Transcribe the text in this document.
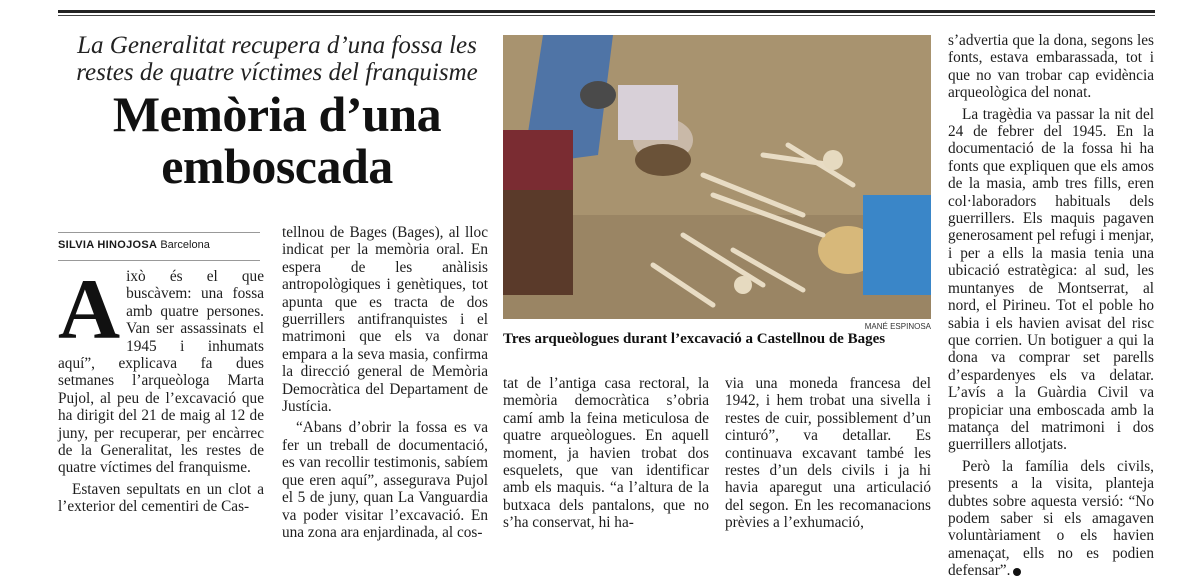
La Generalitat recupera d’una fossa les restes de quatre víctimes del franquisme
Memòria d’una emboscada
SILVIA HINOJOSA Barcelona

Això és el que buscàvem: una fossa amb quatre persones. Van ser assassinats el 1945 i inhumats aquí”, explicava fa dues setmanes l’arqueòloga Marta Pujol, al peu de l’excavació que ha dirigit del 21 de maig al 12 de juny, per recuperar, per encàrrec de la Generalitat, les restes de quatre víctimes del franquisme.

Estaven sepultats en un clot a l’exterior del cementiri de Cas-

tellnou de Bages (Bages), al lloc indicat per la memòria oral. En espera de les anàlisis antropològiques i genètiques, tot apunta que es tracta de dos guerrillers antifranquistes i el matrimoni que els va donar empara a la seva masia, confirma la direcció general de Memòria Democràtica del Departament de Justícia.

“Abans d’obrir la fossa es va fer un treball de documentació, es van recollir testimonis, sabíem que eren aquí”, assegurava Pujol el 5 de juny, quan La Vanguardia va poder visitar l’excavació. En una zona ara enjardinada, al cos-

MANÉ ESPINOSA
Tres arqueòlogues durant l’excavació a Castellnou de Bages

tat de l’antiga casa rectoral, la memòria democràtica s’obria camí amb la feina meticulosa de quatre arqueòlogues. En aquell moment, ja havien trobat dos esquelets, que van identificar amb els maquis. “a l’altura de la butxaca dels pantalons, que no s’ha conservat, hi ha-

via una moneda francesa del 1942, i hem trobat una sivella i restes de cuir, possiblement d’un cinturó”, va detallar. Es continuava excavant també les restes d’un dels civils i ja hi havia aparegut una articulació del segon. En les recomanacions prèvies a l’exhumació,

s’advertia que la dona, segons les fonts, estava embarassada, tot i que no van trobar cap evidència arqueològica del nonat.

La tragèdia va passar la nit del 24 de febrer del 1945. En la documentació de la fossa hi ha fonts que expliquen que els amos de la masia, amb tres fills, eren col·laboradors habituals dels guerrillers. Els maquis pagaven generosament pel refugi i menjar, i per a ells la masia tenia una ubicació estratègica: al sud, les muntanyes de Montserrat, al nord, el Pirineu. Tot el poble ho sabia i els havien avisat del risc que corrien. Un botiguer a qui la dona va comprar set parells d’espardenyes els va delatar. L’avís a la Guàrdia Civil va propiciar una emboscada amb la matança del matrimoni i dos guerrillers allotjats.

Però la família dels civils, presents a la visita, planteja dubtes sobre aquesta versió: “No podem saber si els amagaven voluntàriament o els havien amenaçat, ells no es podien defensar”.
